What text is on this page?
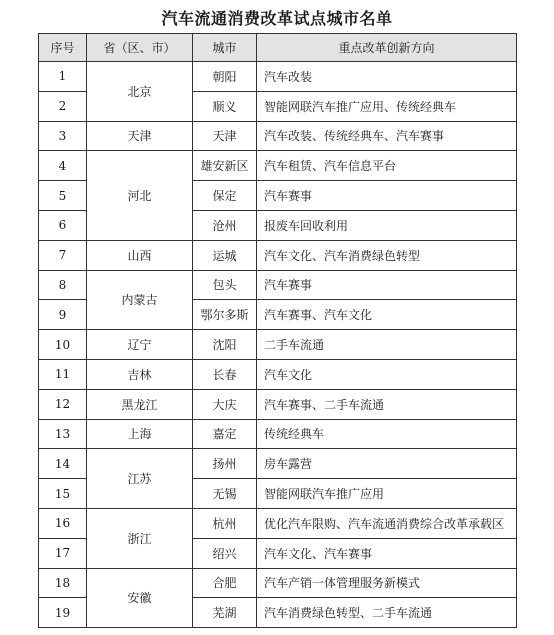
汽车流通消费改革试点城市名单
序号	省（区、市）	城市	重点改革创新方向
1	北京	朝阳	汽车改装
2		顺义	智能网联汽车推广应用、传统经典车
3	天津	天津	汽车改装、传统经典车、汽车赛事
4	河北	雄安新区	汽车租赁、汽车信息平台
5		保定	汽车赛事
6		沧州	报废车回收利用
7	山西	运城	汽车文化、汽车消费绿色转型
8	内蒙古	包头	汽车赛事
9		鄂尔多斯	汽车赛事、汽车文化
10	辽宁	沈阳	二手车流通
11	吉林	长春	汽车文化
12	黑龙江	大庆	汽车赛事、二手车流通
13	上海	嘉定	传统经典车
14	江苏	扬州	房车露营
15		无锡	智能网联汽车推广应用
16	浙江	杭州	优化汽车限购、汽车流通消费综合改革承载区
17		绍兴	汽车文化、汽车赛事
18	安徽	合肥	汽车产销一体管理服务新模式
19		芜湖	汽车消费绿色转型、二手车流通
